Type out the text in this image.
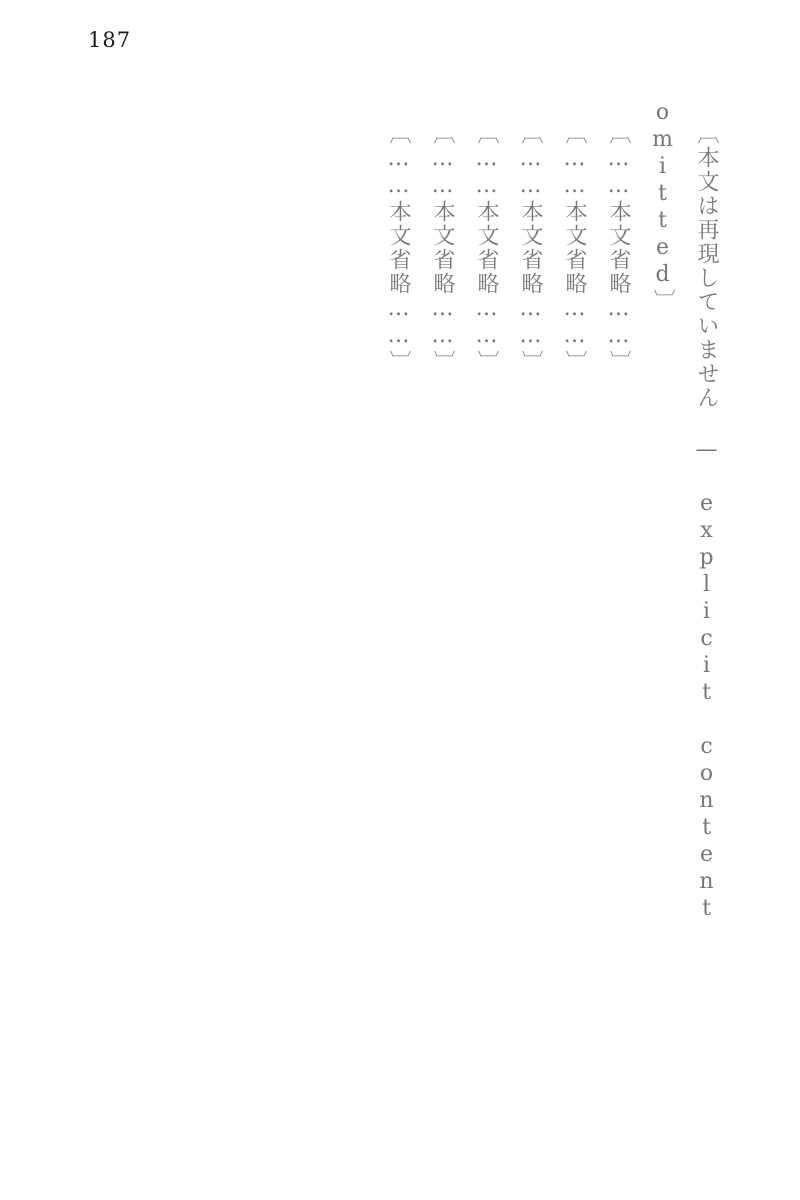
187

〔本文は再現していません — explicit content omitted〕

〔……本文省略……〕

〔……本文省略……〕

〔……本文省略……〕

〔……本文省略……〕

〔……本文省略……〕

〔……本文省略……〕
